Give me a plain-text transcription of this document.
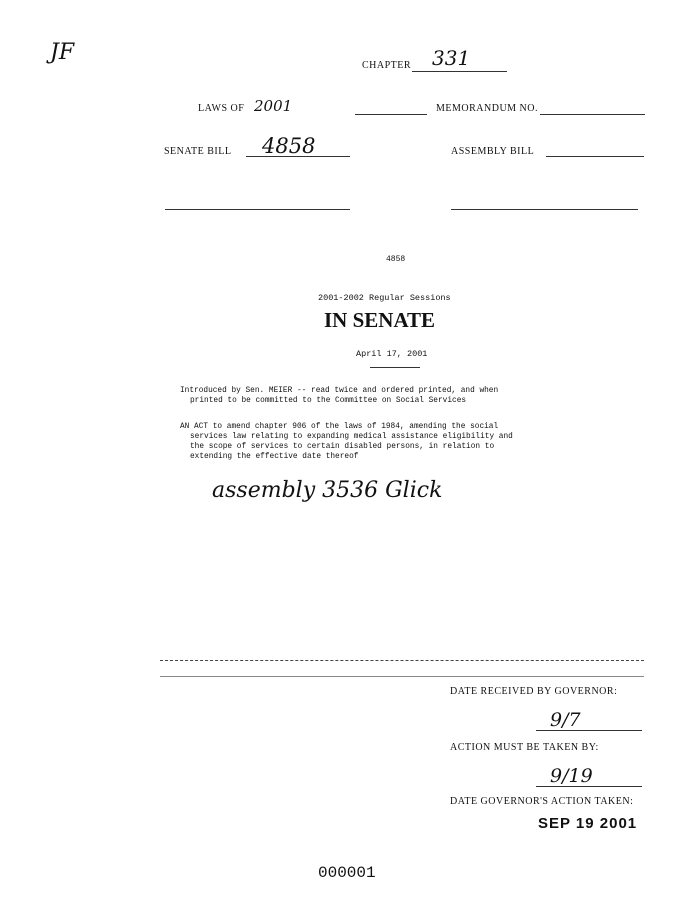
JF
CHAPTER 331
LAWS OF 2001	MEMORANDUM NO.
SENATE BILL 4858	ASSEMBLY BILL
4858
2001-2002 Regular Sessions
IN SENATE
April 17, 2001
Introduced by Sen. MEIER -- read twice and ordered printed, and when
printed to be committed to the Committee on Social Services
AN ACT to amend chapter 906 of the laws of 1984, amending the social
services law relating to expanding medical assistance eligibility and
the scope of services to certain disabled persons, in relation to
extending the effective date thereof
assembly 3536 Glick
DATE RECEIVED BY GOVERNOR:
9/7
ACTION MUST BE TAKEN BY:
9/19
DATE GOVERNOR'S ACTION TAKEN:
SEP 19 2001
000001
